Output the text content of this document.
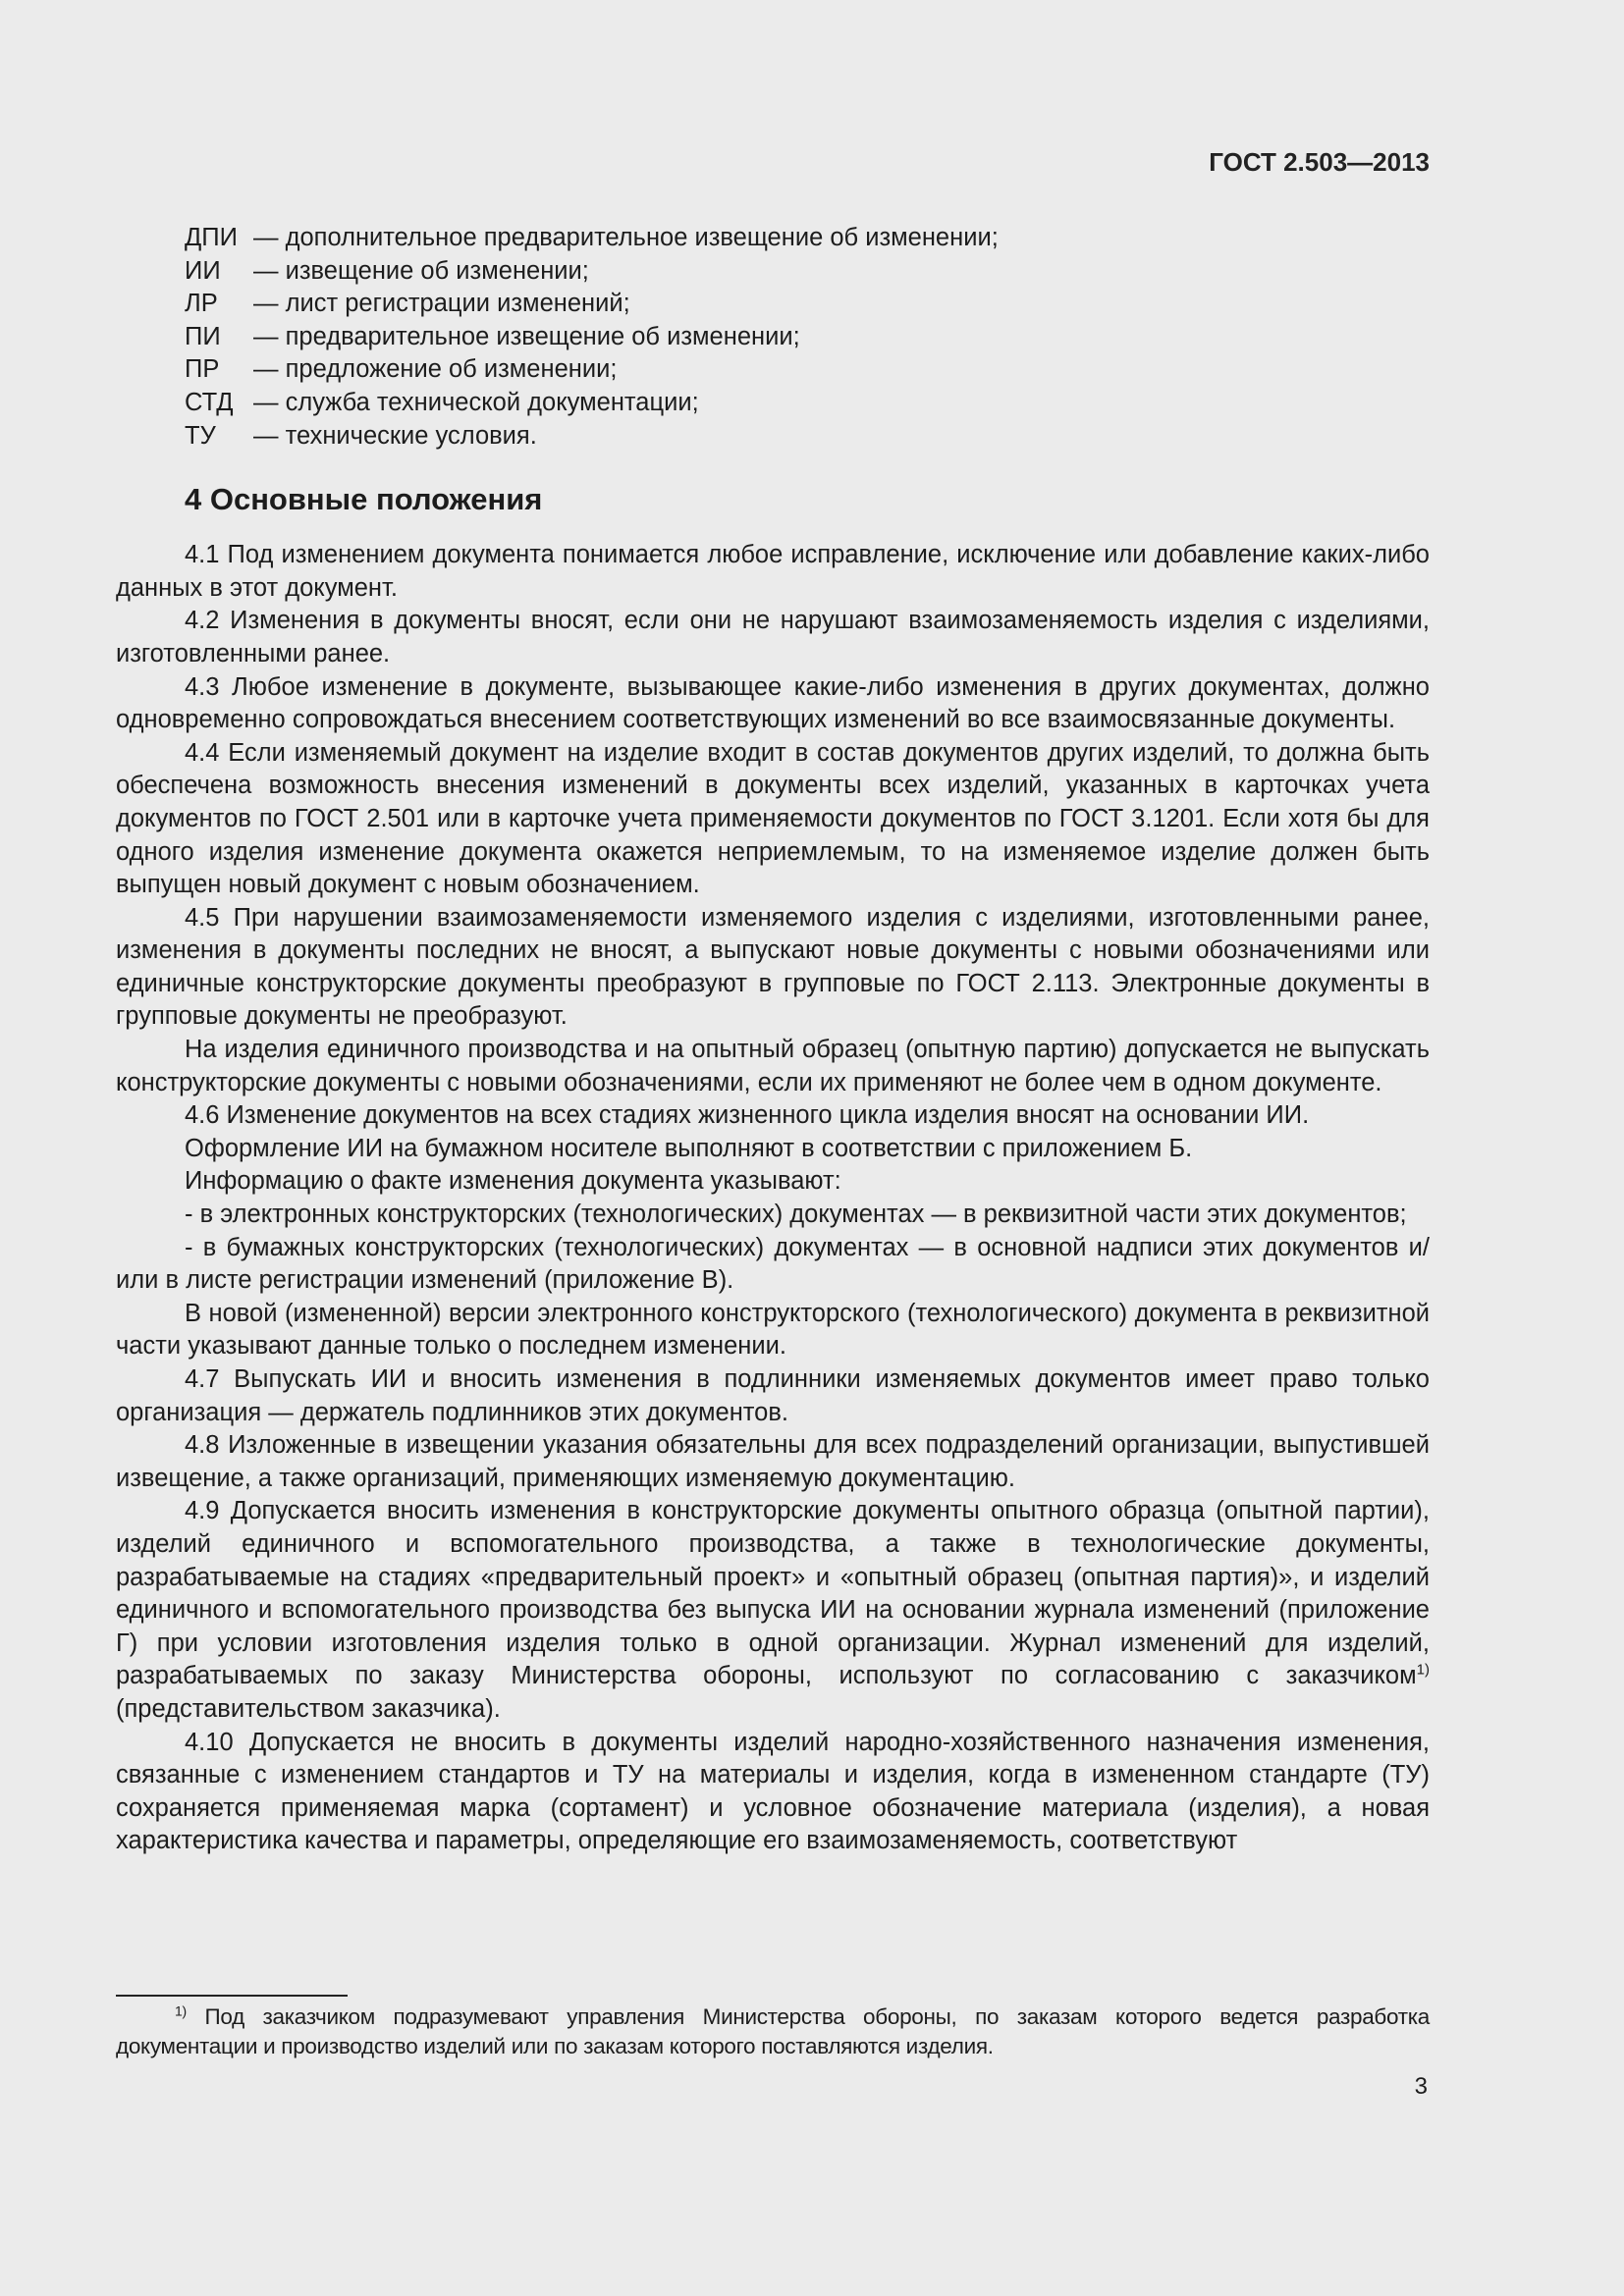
ГОСТ 2.503—2013
ДПИ — дополнительное предварительное извещение об изменении;
ИИ	— извещение об изменении;
ЛР	— лист регистрации изменений;
ПИ	— предварительное извещение об изменении;
ПР	— предложение об изменении;
СТД — служба технической документации;
ТУ	— технические условия.
4 Основные положения

4.1 Под изменением документа понимается любое исправление, исключение или добавление каких-либо данных в этот документ.

4.2 Изменения в документы вносят, если они не нарушают взаимозаменяемость изделия с изделиями, изготовленными ранее.

4.3 Любое изменение в документе, вызывающее какие-либо изменения в других документах, должно одновременно сопровождаться внесением соответствующих изменений во все взаимосвязанные документы.

4.4 Если изменяемый документ на изделие входит в состав документов других изделий, то должна быть обеспечена возможность внесения изменений в документы всех изделий, указанных в карточках учета документов по ГОСТ 2.501 или в карточке учета применяемости документов по ГОСТ 3.1201. Если хотя бы для одного изделия изменение документа окажется неприемлемым, то на изменяемое изделие должен быть выпущен новый документ с новым обозначением.

4.5 При нарушении взаимозаменяемости изменяемого изделия с изделиями, изготовленными ранее, изменения в документы последних не вносят, а выпускают новые документы с новыми обозначениями или единичные конструкторские документы преобразуют в групповые по ГОСТ 2.113. Электронные документы в групповые документы не преобразуют.

На изделия единичного производства и на опытный образец (опытную партию) допускается не выпускать конструкторские документы с новыми обозначениями, если их применяют не более чем в одном документе.

4.6 Изменение документов на всех стадиях жизненного цикла изделия вносят на основании ИИ.

Оформление ИИ на бумажном носителе выполняют в соответствии с приложением Б.

Информацию о факте изменения документа указывают:

- в электронных конструкторских (технологических) документах — в реквизитной части этих документов;

- в бумажных конструкторских (технологических) документах — в основной надписи этих документов и/или в листе регистрации изменений (приложение В).

В новой (измененной) версии электронного конструкторского (технологического) документа в реквизитной части указывают данные только о последнем изменении.

4.7 Выпускать ИИ и вносить изменения в подлинники изменяемых документов имеет право только организация — держатель подлинников этих документов.

4.8 Изложенные в извещении указания обязательны для всех подразделений организации, выпустившей извещение, а также организаций, применяющих изменяемую документацию.

4.9 Допускается вносить изменения в конструкторские документы опытного образца (опытной партии), изделий единичного и вспомогательного производства, а также в технологические документы, разрабатываемые на стадиях «предварительный проект» и «опытный образец (опытная партия)», и изделий единичного и вспомогательного производства без выпуска ИИ на основании журнала изменений (приложение Г) при условии изготовления изделия только в одной организации. Журнал изменений для изделий, разрабатываемых по заказу Министерства обороны, используют по согласованию с заказчиком$^{1)}$ (представительством заказчика).

4.10 Допускается не вносить в документы изделий народно-хозяйственного назначения изменения, связанные с изменением стандартов и ТУ на материалы и изделия, когда в измененном стандарте (ТУ) сохраняется применяемая марка (сортамент) и условное обозначение материала (изделия), а новая характеристика качества и параметры, определяющие его взаимозаменяемость, соответствуют

$^{1)}$ Под заказчиком подразумевают управления Министерства обороны, по заказам которого ведется разработка документации и производство изделий или по заказам которого поставляются изделия.
3
